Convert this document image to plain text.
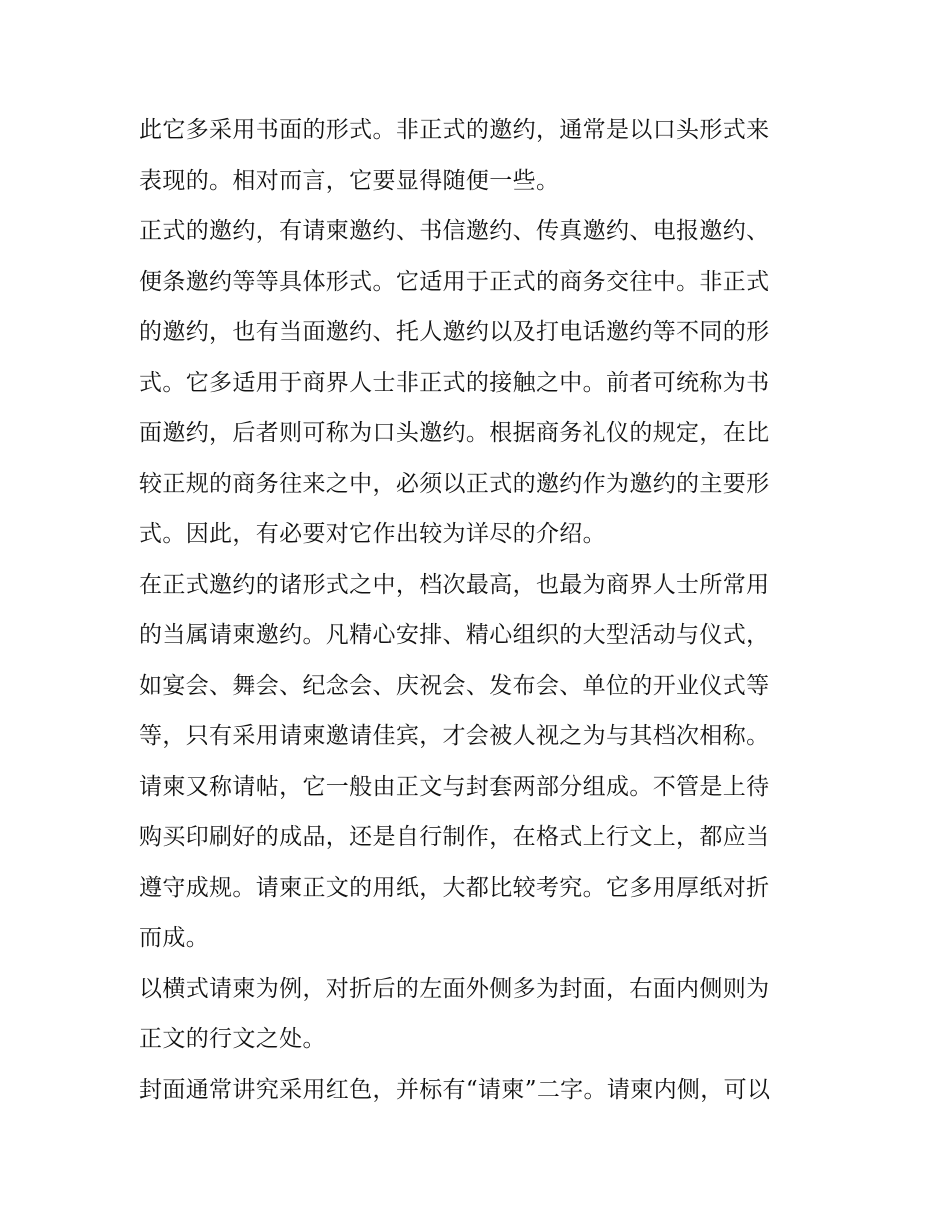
此它多采用书面的形式。非正式的邀约，通常是以口头形式来
表现的。相对而言，它要显得随便一些。
正式的邀约，有请柬邀约、书信邀约、传真邀约、电报邀约、
便条邀约等等具体形式。它适用于正式的商务交往中。非正式
的邀约，也有当面邀约、托人邀约以及打电话邀约等不同的形
式。它多适用于商界人士非正式的接触之中。前者可统称为书
面邀约，后者则可称为口头邀约。根据商务礼仪的规定，在比
较正规的商务往来之中，必须以正式的邀约作为邀约的主要形
式。因此，有必要对它作出较为详尽的介绍。
在正式邀约的诸形式之中，档次最高，也最为商界人士所常用
的当属请柬邀约。凡精心安排、精心组织的大型活动与仪式，
如宴会、舞会、纪念会、庆祝会、发布会、单位的开业仪式等
等，只有采用请柬邀请佳宾，才会被人视之为与其档次相称。
请柬又称请帖，它一般由正文与封套两部分组成。不管是上待
购买印刷好的成品，还是自行制作，在格式上行文上，都应当
遵守成规。请柬正文的用纸，大都比较考究。它多用厚纸对折
而成。
以横式请柬为例，对折后的左面外侧多为封面，右面内侧则为
正文的行文之处。
封面通常讲究采用红色，并标有“请柬”二字。请柬内侧，可以
